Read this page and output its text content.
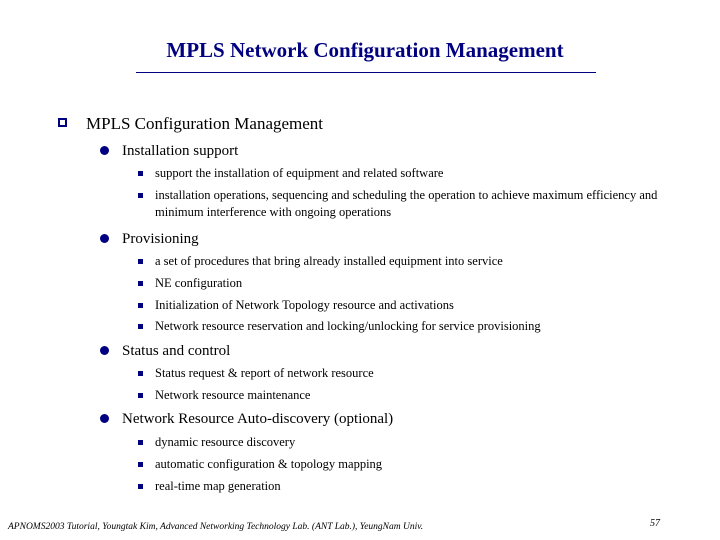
MPLS Network Configuration Management
MPLS Configuration Management
Installation support
support the installation of equipment and related software
installation operations, sequencing and scheduling the operation to achieve maximum efficiency and minimum interference with ongoing operations
Provisioning
a set of procedures that bring already installed equipment into service
NE configuration
Initialization of Network Topology resource and activations
Network resource reservation and locking/unlocking for service provisioning
Status and control
Status request & report of network resource
Network resource maintenance
Network Resource Auto-discovery (optional)
dynamic resource discovery
automatic configuration & topology mapping
real-time map generation
APNOMS2003 Tutorial, Youngtak Kim, Advanced Networking Technology Lab. (ANT Lab.), YeungNam Univ.	57
